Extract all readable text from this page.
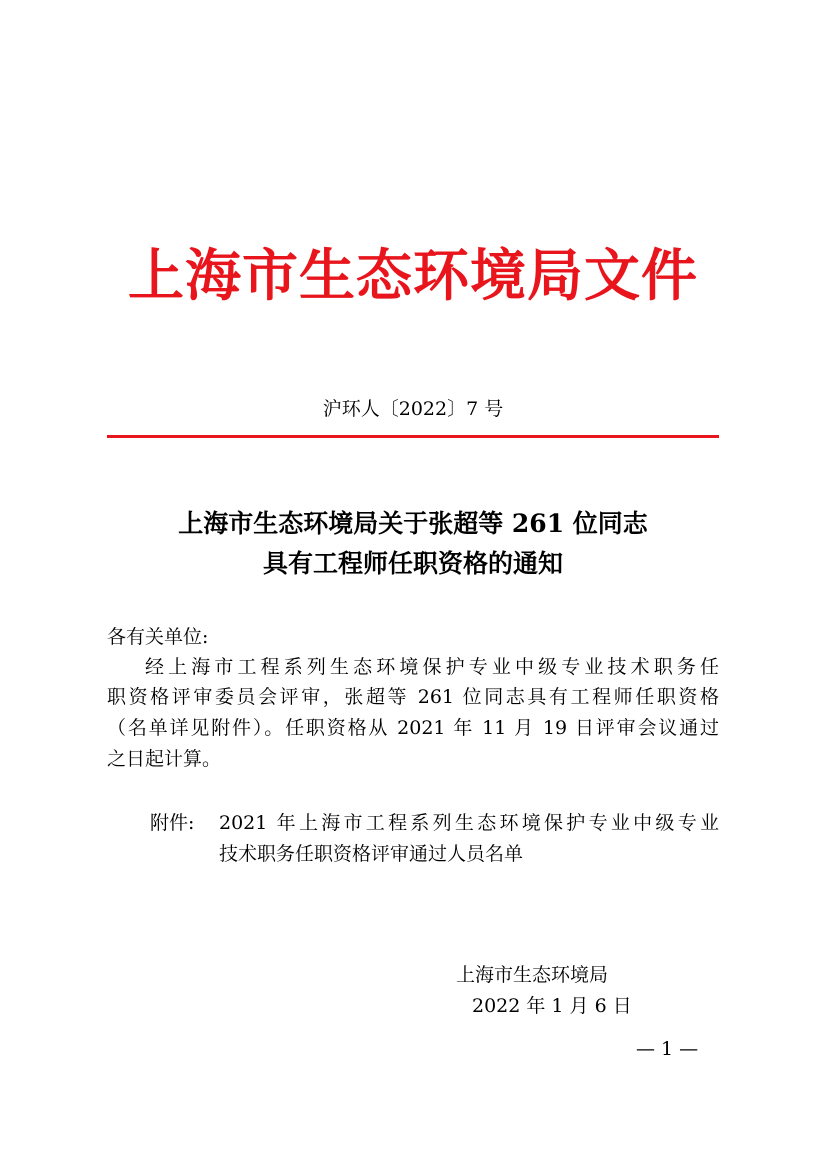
上海市生态环境局文件
沪环人〔2022〕7 号
上海市生态环境局关于张超等 261 位同志
具有工程师任职资格的通知
各有关单位:
经上海市工程系列生态环境保护专业中级专业技术职务任
职资格评审委员会评审，张超等 261 位同志具有工程师任职资格
（名单详见附件）。任职资格从 2021 年 11 月 19 日评审会议通过
之日起计算。
附件: 2021 年上海市工程系列生态环境保护专业中级专业
技术职务任职资格评审通过人员名单
上海市生态环境局
2022 年 1 月 6 日
— 1 —
